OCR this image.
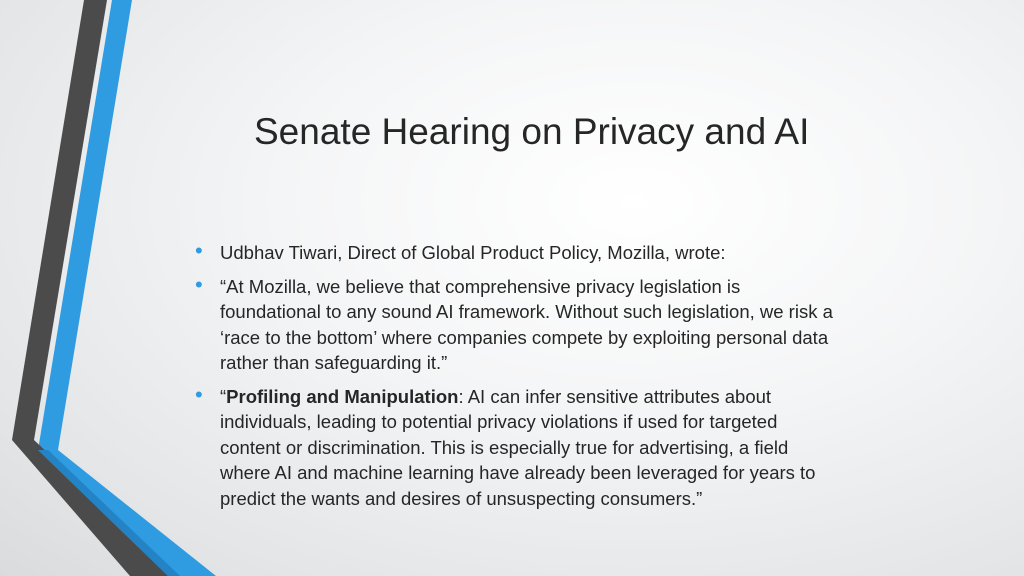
Senate Hearing on Privacy and AI
• Udbhav Tiwari, Direct of Global Product Policy, Mozilla, wrote:
• “At Mozilla, we believe that comprehensive privacy legislation is foundational to any sound AI framework. Without such legislation, we risk a ‘race to the bottom’ where companies compete by exploiting personal data rather than safeguarding it.”
• “Profiling and Manipulation: AI can infer sensitive attributes about individuals, leading to potential privacy violations if used for targeted content or discrimination. This is especially true for advertising, a field where AI and machine learning have already been leveraged for years to predict the wants and desires of unsuspecting consumers.”
